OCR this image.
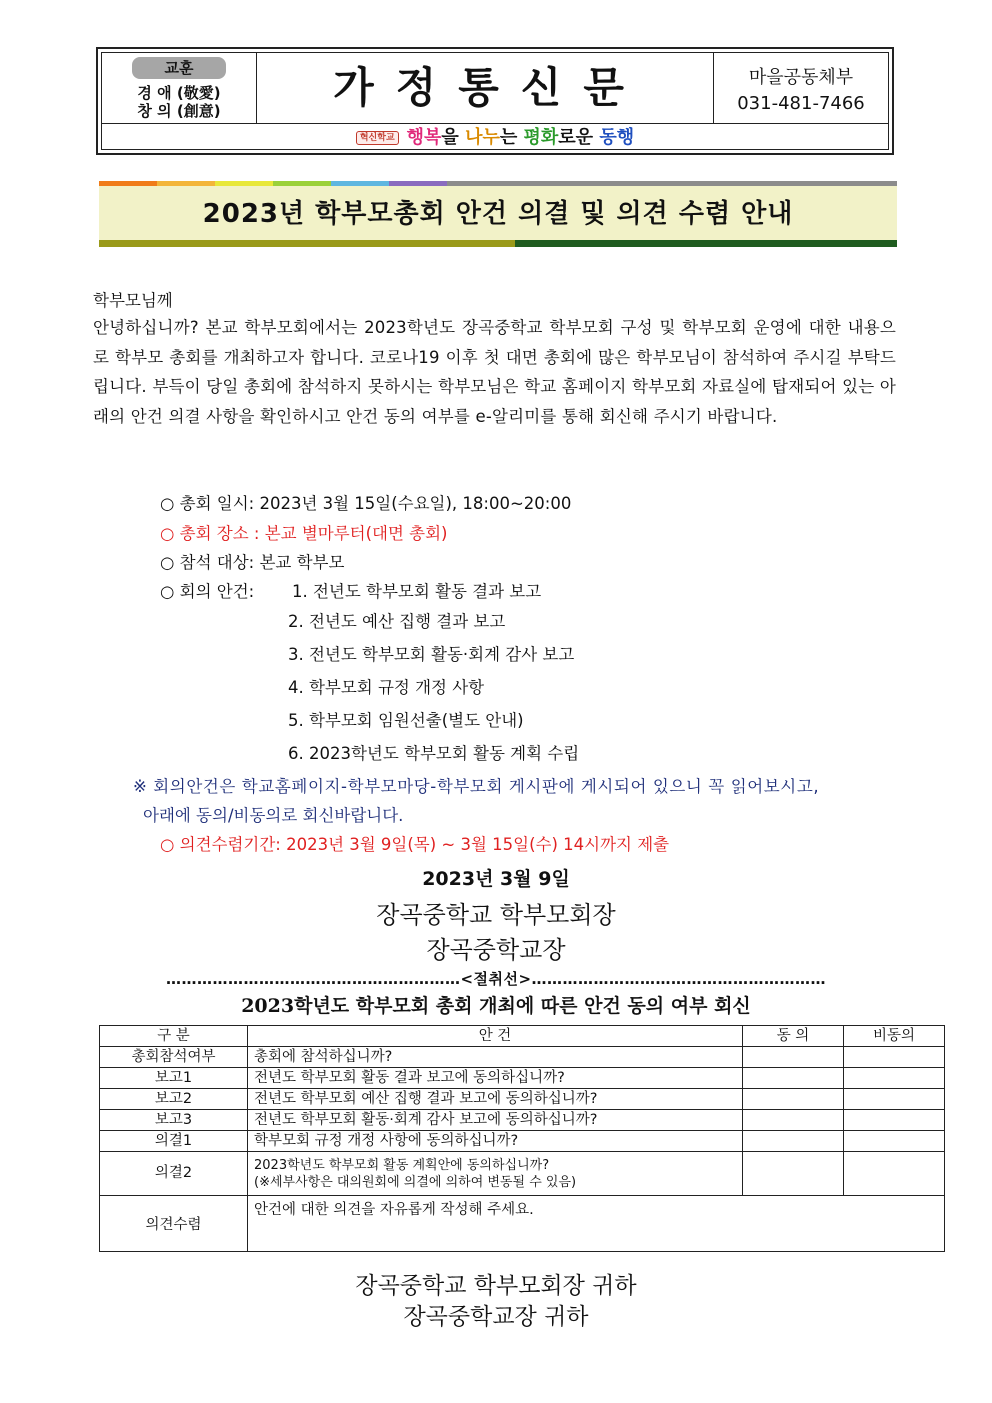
교훈
경 애 (敬愛)
창 의 (創意)	가정통신문	마을공동체부
031-481-7466
혁신학교 행복을 나누는 평화로운 동행
2023년 학부모총회 안건 의결 및 의견 수렴 안내
학부모님께
안녕하십니까? 본교 학부모회에서는 2023학년도 장곡중학교 학부모회 구성 및 학부모회 운영에 대한 내용으로 학부모 총회를 개최하고자 합니다. 코로나19 이후 첫 대면 총회에 많은 학부모님이 참석하여 주시길 부탁드립니다. 부득이 당일 총회에 참석하지 못하시는 학부모님은 학교 홈페이지 학부모회 자료실에 탑재되어 있는 아래의 안건 의결 사항을 확인하시고 안건 동의 여부를 e-알리미를 통해 회신해 주시기 바랍니다.
○ 총회 일시: 2023년 3월 15일(수요일), 18:00~20:00
○ 총회 장소 : 본교 별마루터(대면 총회)
○ 참석 대상: 본교 학부모
○ 회의 안건: 1. 전년도 학부모회 활동 결과 보고
2. 전년도 예산 집행 결과 보고
3. 전년도 학부모회 활동·회계 감사 보고
4. 학부모회 규정 개정 사항
5. 학부모회 임원선출(별도 안내)
6. 2023학년도 학부모회 활동 계획 수립
※ 회의안건은 학교홈페이지-학부모마당-학부모회 게시판에 게시되어 있으니 꼭 읽어보시고,
아래에 동의/비동의로 회신바랍니다.
○ 의견수렴기간: 2023년 3월 9일(목) ~ 3월 15일(수) 14시까지 제출
2023년 3월 9일
장곡중학교 학부모회장
장곡중학교장
…………………………………………………<절취선>…………………………………………………
2023학년도 학부모회 총회 개최에 따른 안건 동의 여부 회신
구 분	안 건	동 의	비동의
총회참석여부	총회에 참석하십니까?		
보고1	전년도 학부모회 활동 결과 보고에 동의하십니까?		
보고2	전년도 학부모회 예산 집행 결과 보고에 동의하십니까?		
보고3	전년도 학부모회 활동·회계 감사 보고에 동의하십니까?		
의결1	학부모회 규정 개정 사항에 동의하십니까?		
의결2	2023학년도 학부모회 활동 계획안에 동의하십니까?
(※세부사항은 대의원회에 의결에 의하여 변동될 수 있음)		

의견수렴	안건에 대한 의견을 자유롭게 작성해 주세요.		
장곡중학교 학부모회장 귀하
장곡중학교장 귀하
